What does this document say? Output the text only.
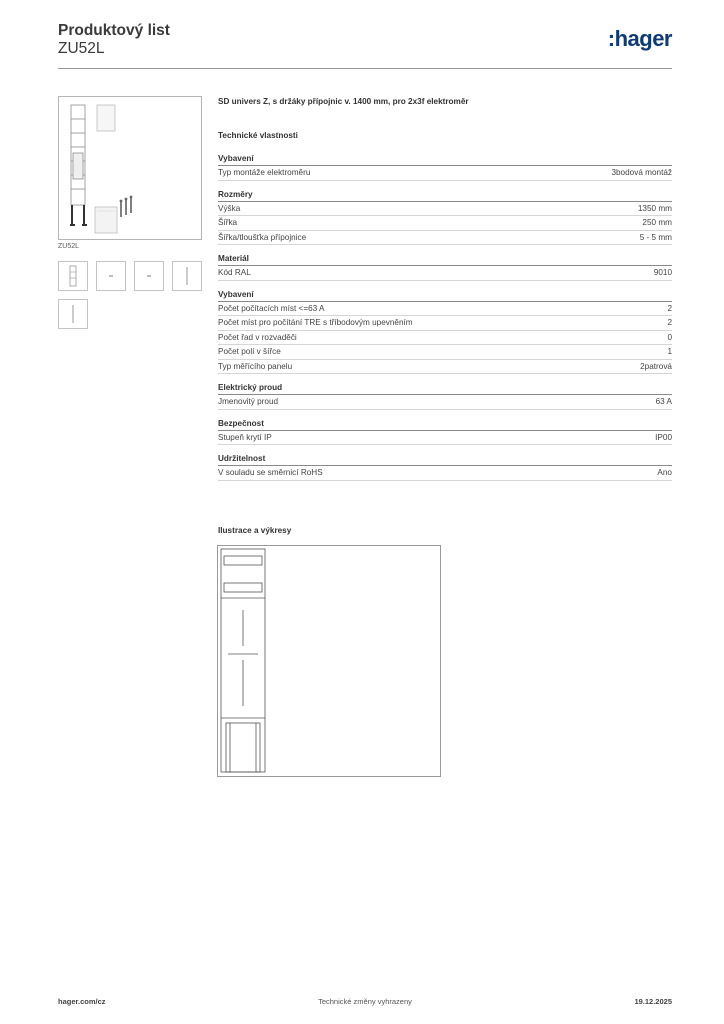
Produktový list
ZU52L	:hager
ZU52L
SD univers Z, s držáky přípojnic v. 1400 mm, pro 2x3f elektroměr
Technické vlastnosti
Vybavení
Typ montáže elektroměru	3bodová montáž
Rozměry
Výška	1350 mm
Šířka	250 mm
Šířka/tloušťka přípojnice	5 - 5 mm
Materiál
Kód RAL	9010
Vybavení
Počet počítacích míst <=63 A	2
Počet míst pro počítání TRE s tříbodovým upevněním	2
Počet řad v rozvaděči	0
Počet polí v šířce	1
Typ měřícího panelu	2patrová
Elektrický proud
Jmenovitý proud	63 A
Bezpečnost
Stupeň krytí IP	IP00
Udržitelnost
V souladu se směrnicí RoHS	Ano
Ilustrace a výkresy
hager.com/cz	Technické změny vyhrazeny	19.12.2025
